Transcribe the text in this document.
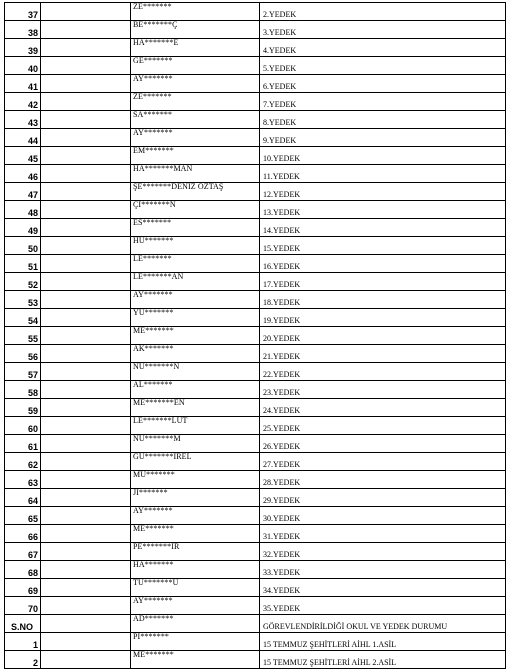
37		ZE*******	2.YEDEK
38		BE*******Ç	3.YEDEK
39		HA*******E	4.YEDEK
40		GE*******	5.YEDEK
41		AY*******	6.YEDEK
42		ZE*******	7.YEDEK
43		SA*******	8.YEDEK
44		AY*******	9.YEDEK
45		EM*******	10.YEDEK
46		HA*******MAN	11.YEDEK
47		ŞE*******DENİZ ÖZTAŞ	12.YEDEK
48		Çİ*******N	13.YEDEK
49		ES*******	14.YEDEK
50		HÜ*******	15.YEDEK
51		LE*******	16.YEDEK
52		LE*******AN	17.YEDEK
53		AY*******	18.YEDEK
54		YÜ*******	19.YEDEK
55		ME*******	20.YEDEK
56		AK*******	21.YEDEK
57		NU*******N	22.YEDEK
58		AL*******	23.YEDEK
59		ME*******EN	24.YEDEK
60		LE*******LUT	25.YEDEK
61		NU*******M	26.YEDEK
62		GÜ*******İREL	27.YEDEK
63		MU*******	28.YEDEK
64		Jİ*******	29.YEDEK
65		AY*******	30.YEDEK
66		ME*******	31.YEDEK
67		PE*******İR	32.YEDEK
68		HA*******	33.YEDEK
69		TU*******U	34.YEDEK
70		AY*******	35.YEDEK
S.NO		AD*******	GÖREVLENDİRİLDİĞİ OKUL VE YEDEK DURUMU
1		Pİ*******	15 TEMMUZ ŞEHİTLERİ AİHL 1.ASİL
2		ME*******	15 TEMMUZ ŞEHİTLERİ AİHL 2.ASİL
